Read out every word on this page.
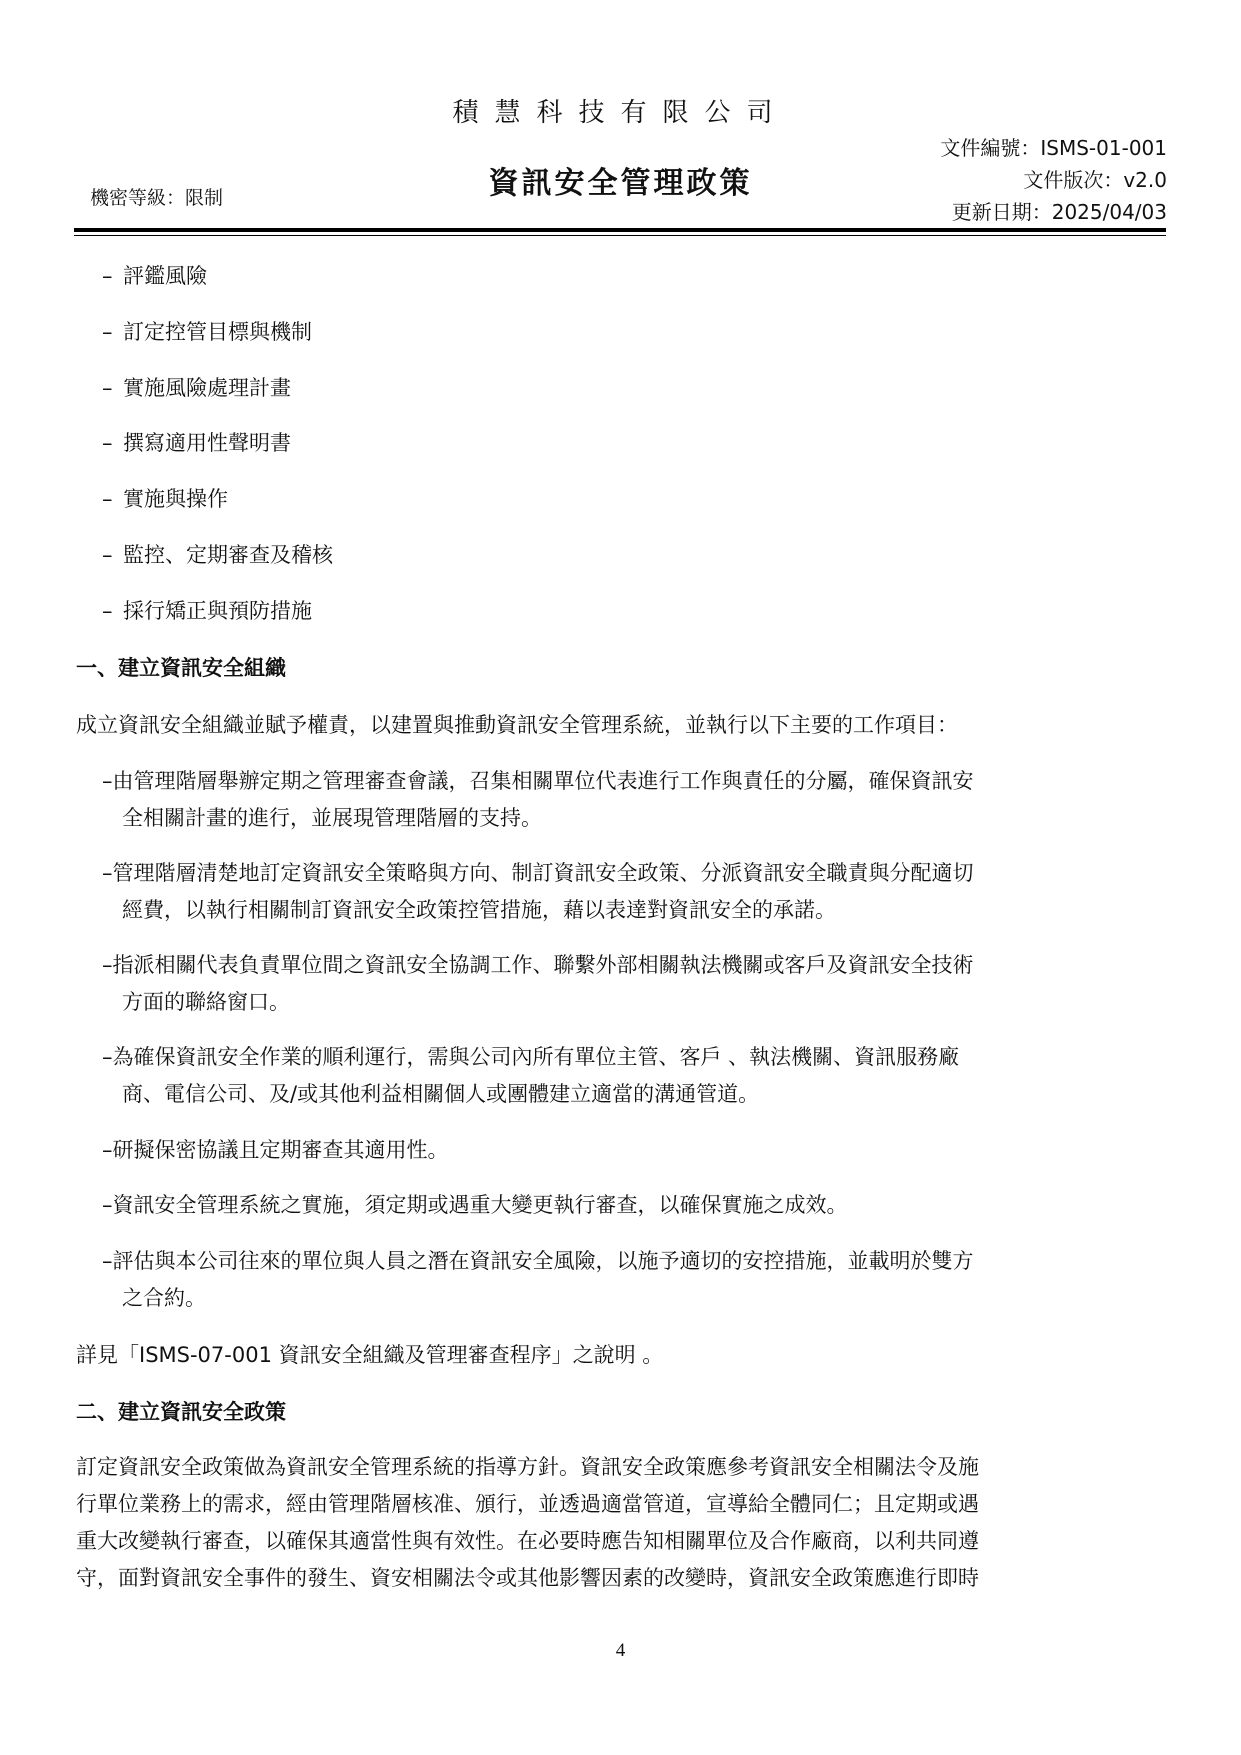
積慧科技有限公司
資訊安全管理政策
機密等級：限制
文件編號：ISMS-01-001
文件版次：v2.0
更新日期：2025/04/03
– 評鑑風險
– 訂定控管目標與機制
– 實施風險處理計畫
– 撰寫適用性聲明書
– 實施與操作
– 監控、定期審查及稽核
– 採行矯正與預防措施
一、建立資訊安全組織
成立資訊安全組織並賦予權責，以建置與推動資訊安全管理系統，並執行以下主要的工作項目：
–由管理階層舉辦定期之管理審查會議，召集相關單位代表進行工作與責任的分屬，確保資訊安
全相關計畫的進行，並展現管理階層的支持。
–管理階層清楚地訂定資訊安全策略與方向、制訂資訊安全政策、分派資訊安全職責與分配適切
經費，以執行相關制訂資訊安全政策控管措施，藉以表達對資訊安全的承諾。
–指派相關代表負責單位間之資訊安全協調工作、聯繫外部相關執法機關或客戶及資訊安全技術
方面的聯絡窗口。
–為確保資訊安全作業的順利運行，需與公司內所有單位主管、客戶 、執法機關、資訊服務廠
商、電信公司、及/或其他利益相關個人或團體建立適當的溝通管道。
–研擬保密協議且定期審查其適用性。
–資訊安全管理系統之實施，須定期或遇重大變更執行審查，以確保實施之成效。
–評估與本公司往來的單位與人員之潛在資訊安全風險，以施予適切的安控措施，並載明於雙方
之合約。
詳見「ISMS-07-001 資訊安全組織及管理審查程序」之說明 。
二、建立資訊安全政策
訂定資訊安全政策做為資訊安全管理系統的指導方針。資訊安全政策應參考資訊安全相關法令及施
行單位業務上的需求，經由管理階層核准、頒行，並透過適當管道，宣導給全體同仁；且定期或遇
重大改變執行審查，以確保其適當性與有效性。在必要時應告知相關單位及合作廠商，以利共同遵
守，面對資訊安全事件的發生、資安相關法令或其他影響因素的改變時，資訊安全政策應進行即時
4
